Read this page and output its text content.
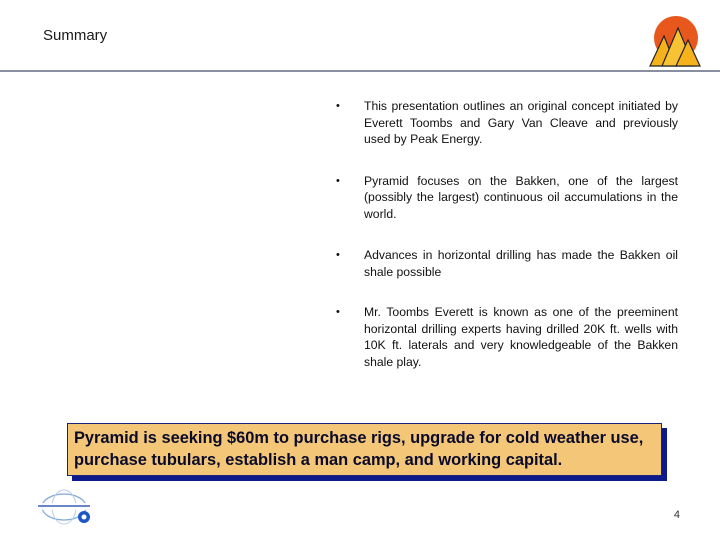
Summary
• This presentation outlines an original concept initiated by Everett Toombs and Gary Van Cleave and previously used by Peak Energy.
• Pyramid focuses on the Bakken, one of the largest (possibly the largest) continuous oil accumulations in the world.
• Advances in horizontal drilling has made the Bakken oil shale possible
• Mr. Toombs Everett is known as one of the preeminent horizontal drilling experts having drilled 20K ft. wells with 10K ft. laterals and very knowledgeable of the Bakken shale play.
Pyramid is seeking $60m to purchase rigs, upgrade for cold weather use, purchase tubulars, establish a man camp, and working capital.
4
